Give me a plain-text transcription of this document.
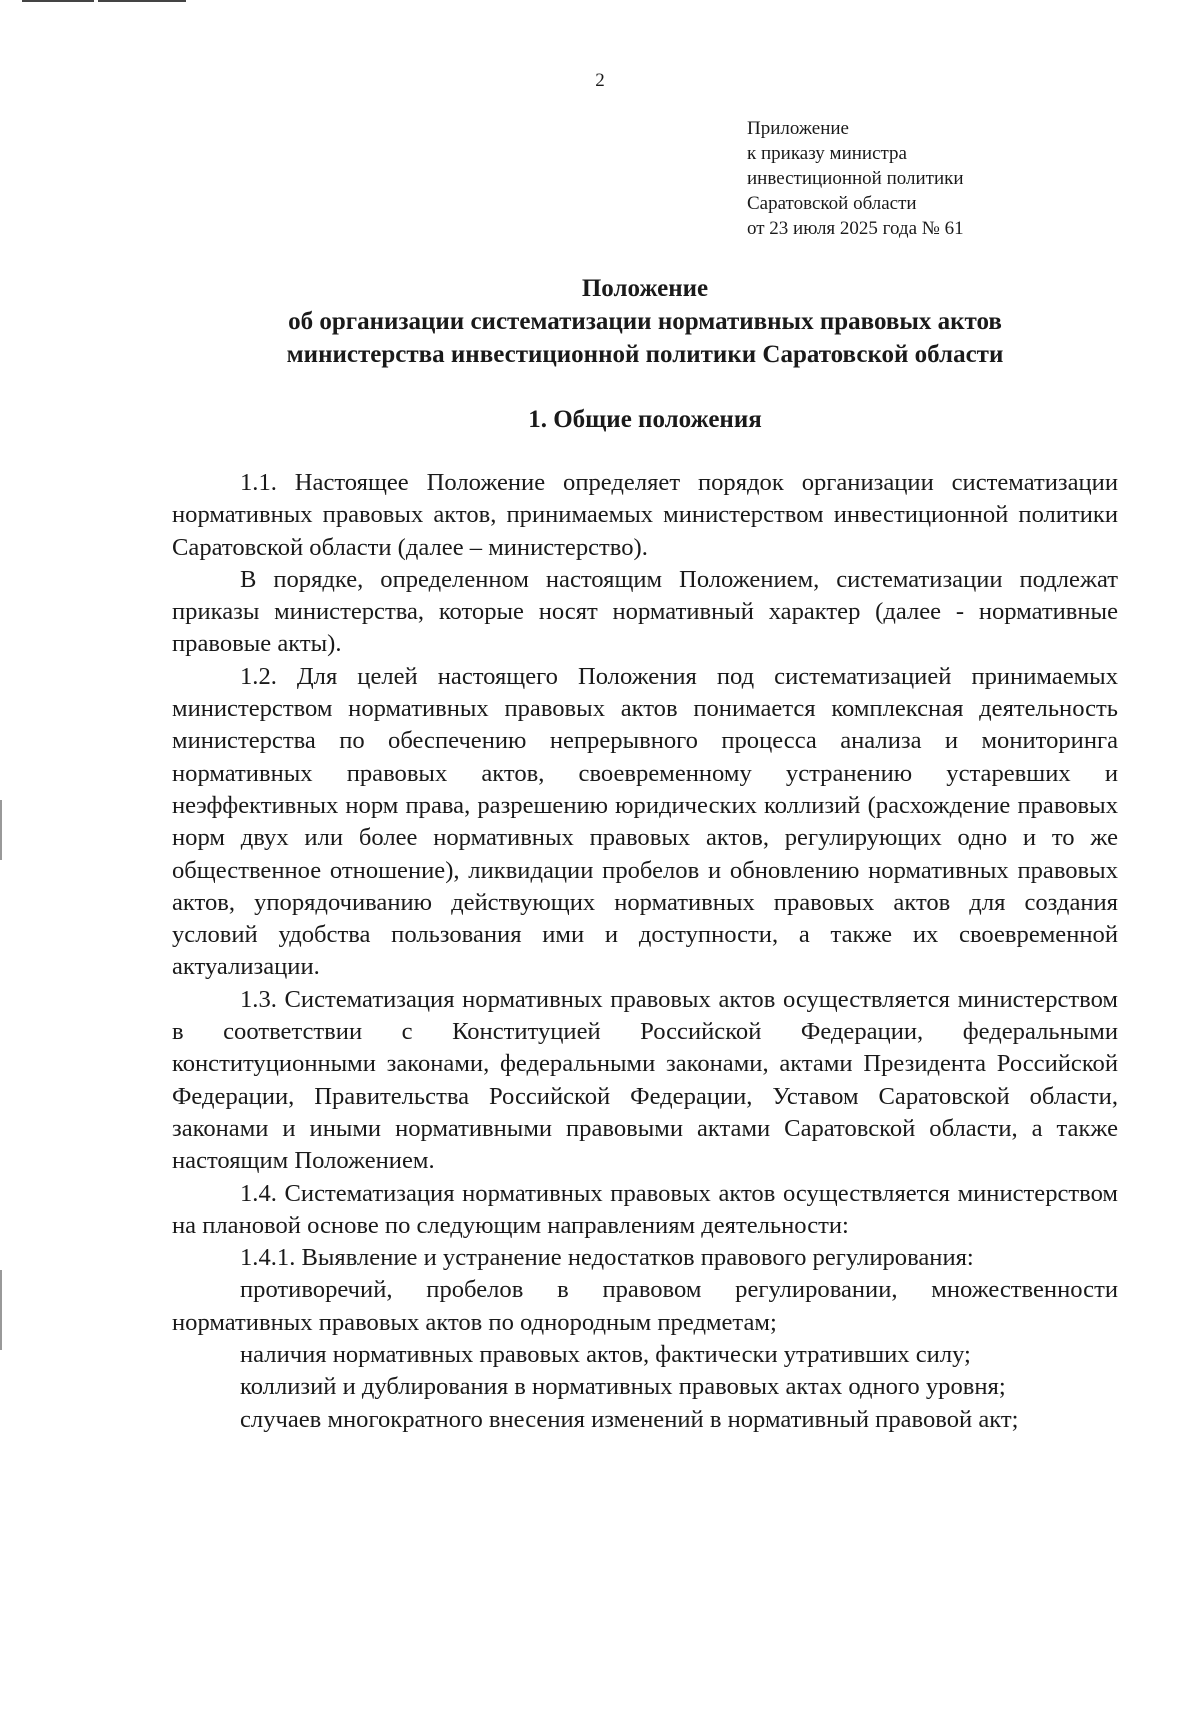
2
Приложение
к приказу министра
инвестиционной политики
Саратовской области
от 23 июля 2025 года № 61
Положение
об организации систематизации нормативных правовых актов
министерства инвестиционной политики Саратовской области
1. Общие положения

1.1. Настоящее Положение определяет порядок организации систематизации нормативных правовых актов, принимаемых министерством инвестиционной политики Саратовской области (далее – министерство).

В порядке, определенном настоящим Положением, систематизации подлежат приказы министерства, которые носят нормативный характер (далее - нормативные правовые акты).

1.2. Для целей настоящего Положения под систематизацией принимаемых министерством нормативных правовых актов понимается комплексная деятельность министерства по обеспечению непрерывного процесса анализа и мониторинга нормативных правовых актов, своевременному устранению устаревших и неэффективных норм права, разрешению юридических коллизий (расхождение правовых норм двух или более нормативных правовых актов, регулирующих одно и то же общественное отношение), ликвидации пробелов и обновлению нормативных правовых актов, упорядочиванию действующих нормативных правовых актов для создания условий удобства пользования ими и доступности, а также их своевременной актуализации.

1.3. Систематизация нормативных правовых актов осуществляется министерством в соответствии с Конституцией Российской Федерации, федеральными конституционными законами, федеральными законами, актами Президента Российской Федерации, Правительства Российской Федерации, Уставом Саратовской области, законами и иными нормативными правовыми актами Саратовской области, а также настоящим Положением.

1.4. Систематизация нормативных правовых актов осуществляется министерством на плановой основе по следующим направлениям деятельности:

1.4.1. Выявление и устранение недостатков правового регулирования:

противоречий, пробелов в правовом регулировании, множественности нормативных правовых актов по однородным предметам;

наличия нормативных правовых актов, фактически утративших силу;

коллизий и дублирования в нормативных правовых актах одного уровня;

случаев многократного внесения изменений в нормативный правовой акт;
